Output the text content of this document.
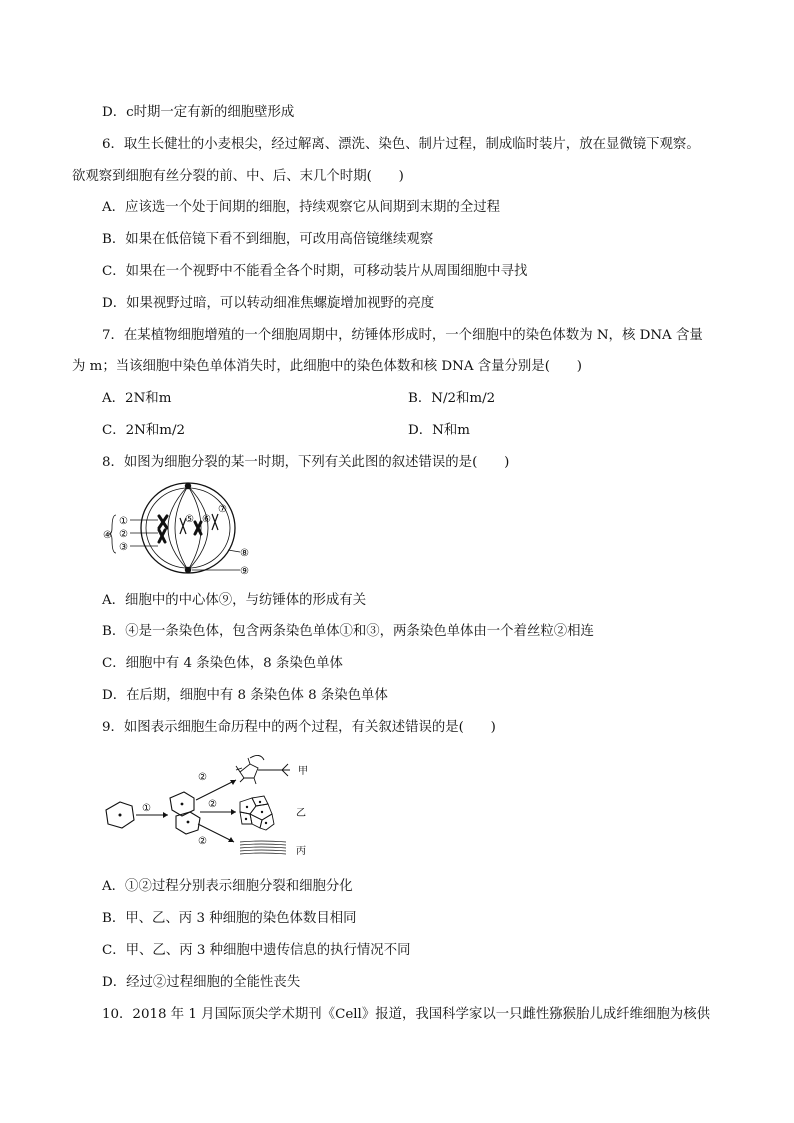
D．c时期一定有新的细胞壁形成
6．取生长健壮的小麦根尖，经过解离、漂洗、染色、制片过程，制成临时装片，放在显微镜下观察。
欲观察到细胞有丝分裂的前、中、后、末几个时期(　　)
A．应该选一个处于间期的细胞，持续观察它从间期到末期的全过程
B．如果在低倍镜下看不到细胞，可改用高倍镜继续观察
C．如果在一个视野中不能看全各个时期，可移动装片从周围细胞中寻找
D．如果视野过暗，可以转动细准焦螺旋增加视野的亮度
7．在某植物细胞增殖的一个细胞周期中，纺锤体形成时，一个细胞中的染色体数为 N，核 DNA 含量
为 m；当该细胞中染色单体消失时，此细胞中的染色体数和核 DNA 含量分别是(　　)
A．2N和m	B．N/2和m/2
C．2N和m/2	D．N和m
8．如图为细胞分裂的某一时期，下列有关此图的叙述错误的是(　　)
①
②
③
④
⑤ ⑥
⑦
⑧
⑨
A．细胞中的中心体⑨，与纺锤体的形成有关
B．④是一条染色体，包含两条染色单体①和③，两条染色单体由一个着丝粒②相连
C．细胞中有 4 条染色体，8 条染色单体
D．在后期，细胞中有 8 条染色体 8 条染色单体
9．如图表示细胞生命历程中的两个过程，有关叙述错误的是(　　)
①
②
②
②
甲
乙
丙
A．①②过程分别表示细胞分裂和细胞分化
B．甲、乙、丙 3 种细胞的染色体数目相同
C．甲、乙、丙 3 种细胞中遗传信息的执行情况不同
D．经过②过程细胞的全能性丧失
10．2018 年 1 月国际顶尖学术期刊《Cell》报道，我国科学家以一只雌性猕猴胎儿成纤维细胞为核供
